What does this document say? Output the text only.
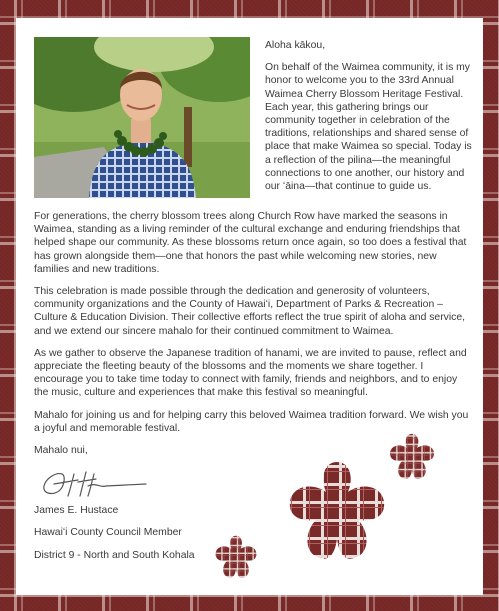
Aloha kākou,

On behalf of the Waimea community, it is my honor to welcome you to the 33rd Annual Waimea Cherry Blossom Heritage Festival. Each year, this gathering brings our community together in celebration of the traditions, relationships and shared sense of place that make Waimea so special. Today is a reflection of the pilina—the meaningful connections to one another, our history and our ʻāina—that continue to guide us.

For generations, the cherry blossom trees along Church Row have marked the seasons in Waimea, standing as a living reminder of the cultural exchange and enduring friendships that helped shape our community. As these blossoms return once again, so too does a festival that has grown alongside them—one that honors the past while welcoming new stories, new families and new traditions.

This celebration is made possible through the dedication and generosity of volunteers, community organizations and the County of Hawaiʻi, Department of Parks & Recreation – Culture & Education Division. Their collective efforts reflect the true spirit of aloha and service, and we extend our sincere mahalo for their continued commitment to Waimea.

As we gather to observe the Japanese tradition of hanami, we are invited to pause, reflect and appreciate the fleeting beauty of the blossoms and the moments we share together. I encourage you to take time today to connect with family, friends and neighbors, and to enjoy the music, culture and experiences that make this festival so meaningful.

Mahalo for joining us and for helping carry this beloved Waimea tradition forward. We wish you a joyful and memorable festival.

Mahalo nui,

James E. Hustace

Hawaiʻi County Council Member

District 9 - North and South Kohala
